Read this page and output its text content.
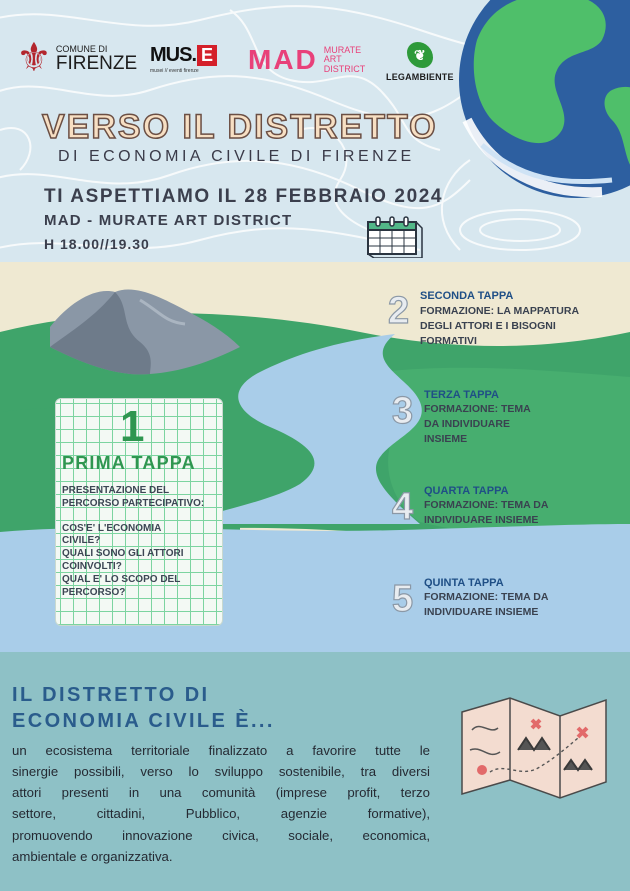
⚜ COMUNE DI
FIRENZE MUS . E
musei // eventi firenze MAD MURATE
ART
DISTRICT
❦
LEGAMBIENTE
VERSO IL DISTRETTO
DI ECONOMIA CIVILE DI FIRENZE
TI ASPETTIAMO IL 28 FEBBRAIO 2024
MAD - MURATE ART DISTRICT
H 18.00//19.30
1
PRIMA TAPPA
PRESENTAZIONE DEL
PERCORSO PARTECIPATIVO:
COS'E' L'ECONOMIA
CIVILE?
QUALI SONO GLI ATTORI
COINVOLTI?
QUAL E' LO SCOPO DEL
PERCORSO?
2 SECONDA TAPPA
FORMAZIONE: LA MAPPATURA
DEGLI ATTORI E I BISOGNI
FORMATIVI
3 TERZA TAPPA
FORMAZIONE: TEMA
DA INDIVIDUARE
INSIEME
4 QUARTA TAPPA
FORMAZIONE: TEMA DA
INDIVIDUARE INSIEME
5 QUINTA TAPPA
FORMAZIONE: TEMA DA
INDIVIDUARE INSIEME
IL DISTRETTO DI
ECONOMIA CIVILE È...
un ecosistema territoriale finalizzato a favorire tutte le
sinergie possibili, verso lo sviluppo sostenibile, tra diversi
attori presenti in una comunità (imprese profit, terzo
settore, cittadini, Pubblico, agenzie formative),
promuovendo innovazione civica, sociale, economica,
ambientale e organizzativa.
